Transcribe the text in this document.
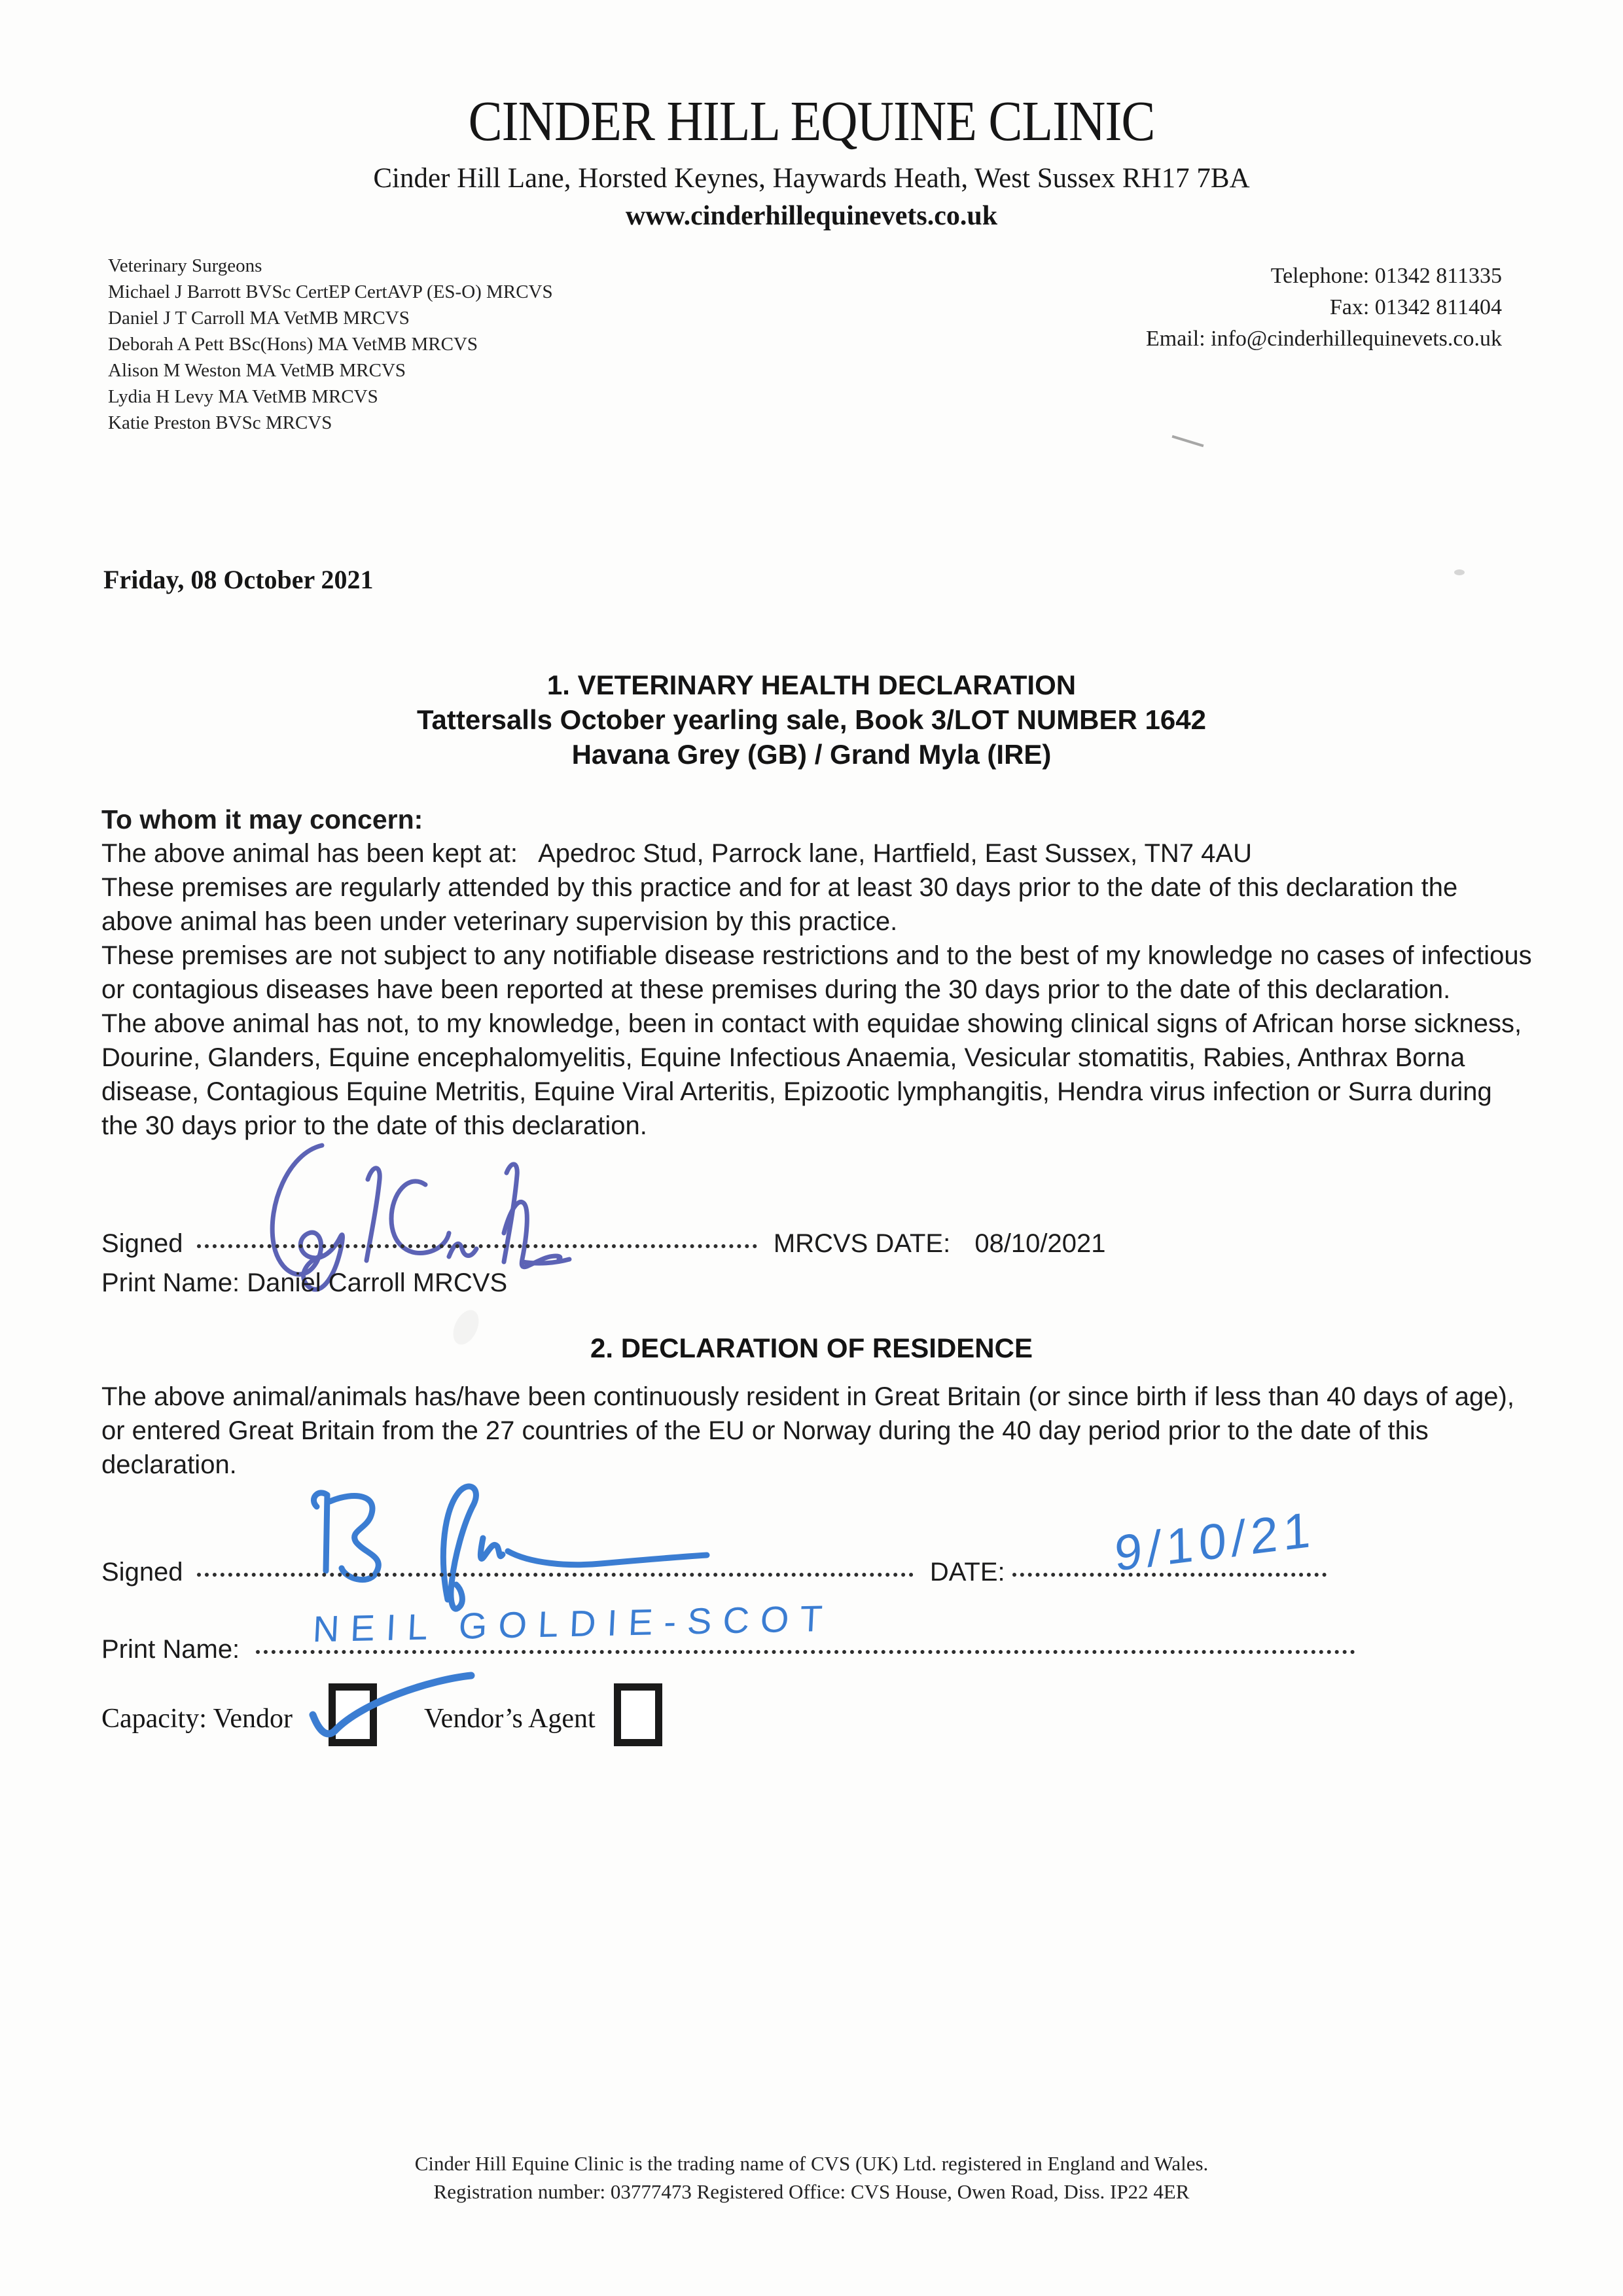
CINDER HILL EQUINE CLINIC
Cinder Hill Lane, Horsted Keynes, Haywards Heath, West Sussex RH17 7BA
www.cinderhillequinevets.co.uk
Veterinary Surgeons
Michael J Barrott BVSc CertEP CertAVP (ES-O) MRCVS
Daniel J T Carroll MA VetMB MRCVS
Deborah A Pett BSc(Hons) MA VetMB MRCVS
Alison M Weston MA VetMB MRCVS
Lydia H Levy MA VetMB MRCVS
Katie Preston BVSc MRCVS
Telephone: 01342 811335
Fax: 01342 811404
Email: info@cinderhillequinevets.co.uk
Friday, 08 October 2021
1. VETERINARY HEALTH DECLARATION
Tattersalls October yearling sale, Book 3/LOT NUMBER 1642
Havana Grey (GB) / Grand Myla (IRE)
To whom it may concern:
The above animal has been kept at:   Apedroc Stud, Parrock lane, Hartfield, East Sussex, TN7 4AU
These premises are regularly attended by this practice and for at least 30 days prior to the date of this declaration the above animal has been under veterinary supervision by this practice.
These premises are not subject to any notifiable disease restrictions and to the best of my knowledge no cases of infectious or contagious diseases have been reported at these premises during the 30 days prior to the date of this declaration.
The above animal has not, to my knowledge, been in contact with equidae showing clinical signs of African horse sickness, Dourine, Glanders, Equine encephalomyelitis, Equine Infectious Anaemia, Vesicular stomatitis, Rabies, Anthrax Borna disease, Contagious Equine Metritis, Equine Viral Arteritis, Epizootic lymphangitis, Hendra virus infection or Surra during the 30 days prior to the date of this declaration.
Signed	MRCVS DATE: 08/10/2021
Print Name: Daniel Carroll MRCVS
2. DECLARATION OF RESIDENCE
The above animal/animals has/have been continuously resident in Great Britain (or since birth if less than 40 days of age), or entered Great Britain from the 27 countries of the EU or Norway during the 40 day period prior to the date of this declaration.
Signed	DATE:	9/10/21
Print Name:	NEIL GOLDIE-SCOT
Capacity: Vendor	Vendor’s Agent
Cinder Hill Equine Clinic is the trading name of CVS (UK) Ltd. registered in England and Wales.
Registration number: 03777473 Registered Office: CVS House, Owen Road, Diss. IP22 4ER
